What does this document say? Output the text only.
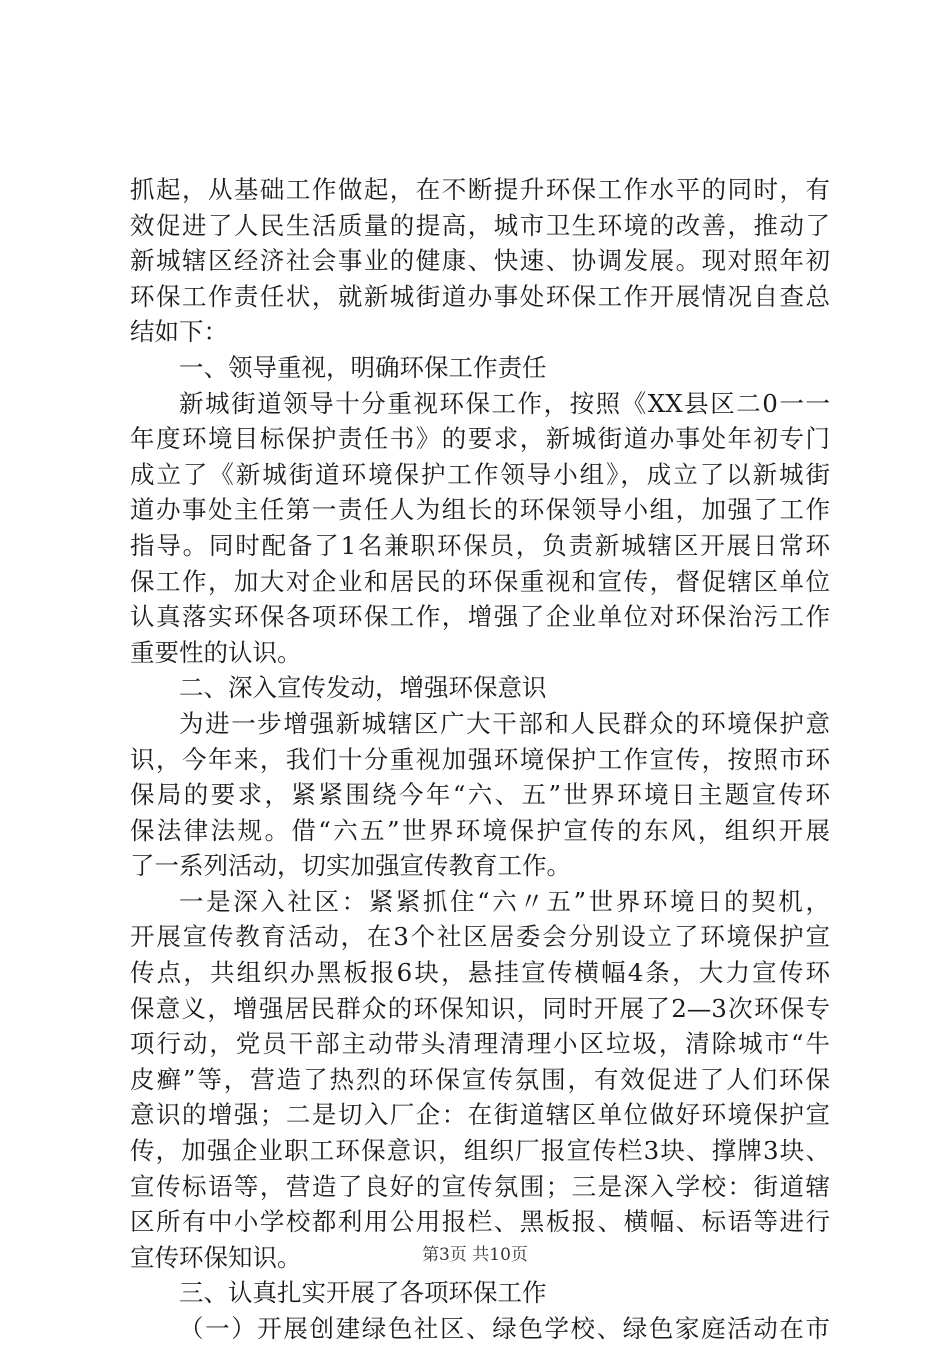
抓起，从基础工作做起，在不断提升环保工作水平的同时，有
效促进了人民生活质量的提高，城市卫生环境的改善，推动了
新城辖区经济社会事业的健康、快速、协调发展。现对照年初
环保工作责任状，就新城街道办事处环保工作开展情况自查总
结如下：
一、领导重视，明确环保工作责任
新城街道领导十分重视环保工作，按照《XX县区二0一一
年度环境目标保护责任书》的要求，新城街道办事处年初专门
成立了《新城街道环境保护工作领导小组》，成立了以新城街
道办事处主任第一责任人为组长的环保领导小组，加强了工作
指导。同时配备了1名兼职环保员，负责新城辖区开展日常环
保工作，加大对企业和居民的环保重视和宣传，督促辖区单位
认真落实环保各项环保工作，增强了企业单位对环保治污工作
重要性的认识。
二、深入宣传发动，增强环保意识
为进一步增强新城辖区广大干部和人民群众的环境保护意
识，今年来，我们十分重视加强环境保护工作宣传，按照市环
保局的要求，紧紧围绕今年“六、五”世界环境日主题宣传环
保法律法规。借“六五”世界环境保护宣传的东风，组织开展
了一系列活动，切实加强宣传教育工作。
一是深入社区：紧紧抓住“六〃五”世界环境日的契机，
开展宣传教育活动，在3个社区居委会分别设立了环境保护宣
传点，共组织办黑板报6块，悬挂宣传横幅4条，大力宣传环
保意义，增强居民群众的环保知识，同时开展了2—3次环保专
项行动，党员干部主动带头清理清理小区垃圾，清除城市“牛
皮癣”等，营造了热烈的环保宣传氛围，有效促进了人们环保
意识的增强；二是切入厂企：在街道辖区单位做好环境保护宣
传，加强企业职工环保意识，组织厂报宣传栏3块、撑牌3块、
宣传标语等，营造了良好的宣传氛围；三是深入学校：街道辖
区所有中小学校都利用公用报栏、黑板报、横幅、标语等进行
宣传环保知识。
三、认真扎实开展了各项环保工作
（一）开展创建绿色社区、绿色学校、绿色家庭活动在市
第3页 共10页
